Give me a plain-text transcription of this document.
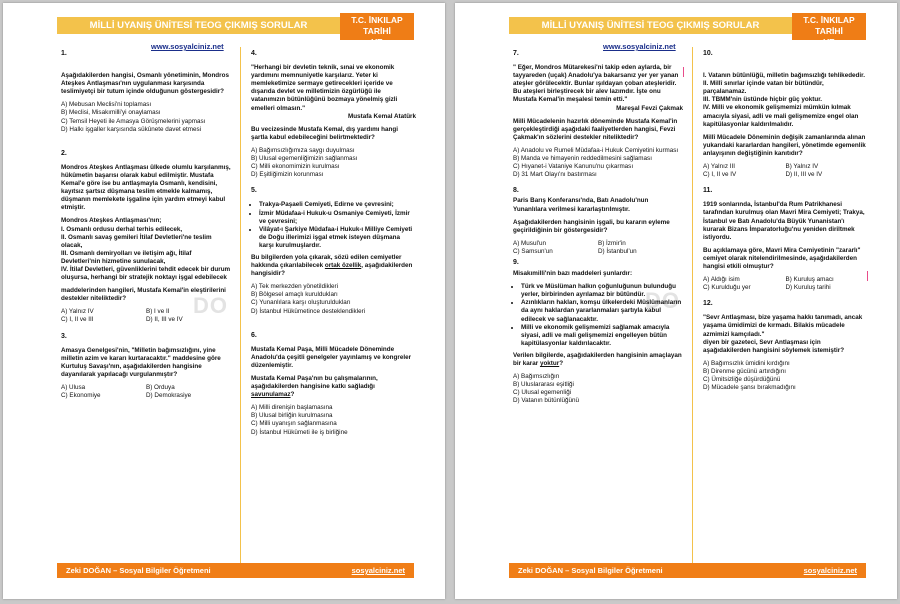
MİLLİ UYANIŞ ÜNİTESİ TEOG ÇIKMIŞ SORULAR	T.C. İNKILAP TARİHİ
VE ATATÜRKÇÜLÜK
www.sosyalciniz.net
DO
1.
Aşağıdakilerden hangisi, Osmanlı yönetiminin, Mondros Ateşkes Antlaşması'nın uygulanması karşısında teslimiyetçi bir tutum içinde olduğunun göstergesidir?
A) Mebusan Meclisi'ni toplaması
B) Meclisi, Misakımilli'yi onaylaması
C) Temsil Heyeti ile Amasya Görüşmelerini yapması
D) Halkı işgaller karşısında sükûnete davet etmesi
2.
Mondros Ateşkes Antlaşması ülkede olumlu karşılanmış, hükûmetin başarısı olarak kabul edilmiştir. Mustafa Kemal'e göre ise bu antlaşmayla Osmanlı, kendisini, kayıtsız şartsız düşmana teslim etmekle kalmamış, düşmanın memlekete işgaline için yardım etmeyi kabul etmiştir.
Mondros Ateşkes Antlaşması'nın;
I. Osmanlı ordusu derhal terhis edilecek,
II. Osmanlı savaş gemileri İtilaf Devletleri'ne teslim olacak,
III. Osmanlı demiryolları ve iletişim ağı, İtilaf Devletleri'nin hizmetine sunulacak,
IV. İtilaf Devletleri, güvenliklerini tehdit edecek bir durum oluşursa, herhangi bir stratejik noktayı işgal edebilecek
maddelerinden hangileri, Mustafa Kemal'in eleştirilerini destekler niteliktedir?
A) Yalnız IV	B) I ve II
C) I, II ve III	D) II, III ve IV
3.
Amasya Genelgesi'nin, "Milletin bağımsızlığını, yine milletin azim ve kararı kurtaracaktır." maddesine göre Kurtuluş Savaşı'nın, aşağıdakilerden hangisine dayanılarak yapılacağı vurgulanmıştır?
A) Ulusa	B) Orduya
C) Ekonomiye	D) Demokrasiye
4.
"Herhangi bir devletin teknik, sınai ve ekonomik yardımını memnuniyetle karşılarız. Yeter ki memleketimize sermaye getirecekleri içeride ve dışarıda devlet ve milletimizin özgürlüğü ile vatanımızın bütünlüğünü bozmaya yönelmiş gizli emelleri olmasın."
Mustafa Kemal Atatürk
Bu vecizesinde Mustafa Kemal, dış yardımı hangi şartla kabul edebileceğini belirtmektedir?
A) Bağımsızlığımıza saygı duyulması
B) Ulusal egemenliğimizin sağlanması
C) Milli ekonomimizin kurulması
D) Eşitliğimizin korunması
5.
• Trakya-Paşaeli Cemiyeti, Edirne ve çevresini;
• İzmir Müdafaa-i Hukuk-u Osmaniye Cemiyeti, İzmir ve çevresini;
• Vilâyat-ı Şarkiye Müdafaa-i Hukuk-ı Milliye Cemiyeti de Doğu illerimizi işgal etmek isteyen düşmana karşı kurulmuşlardır.
Bu bilgilerden yola çıkarak, sözü edilen cemiyetler hakkında çıkarılabilecek ortak özellik, aşağıdakilerden hangisidir?
A) Tek merkezden yönetildikleri
B) Bölgesel amaçlı kuruldukları
C) Yunanlılara karşı oluşturuldukları
D) İstanbul Hükümetince desteklendikleri
6.
Mustafa Kemal Paşa, Milli Mücadele Döneminde Anadolu'da çeşitli genelgeler yayınlamış ve kongreler düzenlemiştir.
Mustafa Kemal Paşa'nın bu çalışmalarının, aşağıdakilerden hangisine katkı sağladığı savunulamaz?
A) Milli direnişin başlamasına
B) Ulusal birliğin kurulmasına
C) Milli uyanışın sağlanmasına
D) İstanbul Hükümeti ile iş birliğine
Zeki DOĞAN – Sosyal Bilgiler Öğretmeni	sosyalciniz.net
MİLLİ UYANIŞ ÜNİTESİ TEOG ÇIKMIŞ SORULAR	T.C. İNKILAP TARİHİ
VE ATATÜRKÇÜLÜK
www.sosyalciniz.net
DO
7.
" Eğer, Mondros Mütarekesi'ni takip eden aylarda, bir tayyareden (uçak) Anadolu'ya bakarsanız yer yer yanan ateşler görülecektir. Bunlar ışıldayan çoban ateşleridir. Bu ateşleri birleştirecek bir alev lazımdır. İşte onu Mustafa Kemal'in meşalesi temin etti."
Mareşal Fevzi Çakmak
Milli Mücadelenin hazırlık döneminde Mustafa Kemal'in gerçekleştirdiği aşağıdaki faaliyetlerden hangisi, Fevzi Çakmak'ın sözlerini destekler niteliktedir?
A) Anadolu ve Rumeli Müdafaa-i Hukuk Cemiyetini kurması
B) Manda ve himayenin reddedilmesini sağlaması
C) Hıyanet-i Vataniye Kanunu'nu çıkarması
D) 31 Mart Olayı'nı bastırması
8.
Paris Barış Konferansı'nda, Batı Anadolu'nun Yunanlılara verilmesi kararlaştırılmıştır.
Aşağıdakilerden hangisinin işgali, bu kararın eyleme geçirildiğinin bir göstergesidir?
A) Musul'un	B) İzmir'in
C) Samsun'un	D) İstanbul'un
9.
Misakımilli'nin bazı maddeleri şunlardır:
• Türk ve Müslüman halkın çoğunluğunun bulunduğu yerler, birbirinden ayrılamaz bir bütündür.
• Azınlıkların hakları, komşu ülkelerdeki Müslümanların da aynı haklardan yararlanmaları şartıyla kabul edilecek ve sağlanacaktır.
• Milli ve ekonomik gelişmemizi sağlamak amacıyla siyasi, adli ve mali gelişmemizi engelleyen bütün kapitülasyonlar kaldırılacaktır.
Verilen bilgilerde, aşağıdakilerden hangisinin amaçlayan bir karar yoktur?
A) Bağımsızlığın
B) Uluslararası eşitliği
C) Ulusal egemenliği
D) Vatanın bütünlüğünü
10.
I. Vatanın bütünlüğü, milletin bağımsızlığı tehlikededir.
II. Millî sınırlar içinde vatan bir bütündür, parçalanamaz.
III. TBMM'nin üstünde hiçbir güç yoktur.
IV. Milli ve ekonomik gelişmemizi mümkün kılmak amacıyla siyasi, adli ve mali gelişmemize engel olan kapitülasyonlar kaldırılmalıdır.
Millî Mücadele Döneminin değişik zamanlarında alınan yukarıdaki kararlardan hangileri, yönetimde egemenlik anlayışının değiştiğinin kanıtıdır?
A) Yalnız III	B) Yalnız IV
C) I, II ve IV	D) II, III ve IV
11.
1919 sonlarında, İstanbul'da Rum Patrikhanesi tarafından kurulmuş olan Mavri Mira Cemiyeti; Trakya, İstanbul ve Batı Anadolu'da Büyük Yunanistan'ı kurarak Bizans İmparatorluğu'nu yeniden diriltmek istiyordu.
Bu açıklamaya göre, Mavri Mira Cemiyetinin "zararlı" cemiyet olarak nitelendirilmesinde, aşağıdakilerden hangisi etkili olmuştur?
A) Aldığı isim	B) Kuruluş amacı
C) Kurulduğu yer	D) Kuruluş tarihi
12.
"Sevr Antlaşması, bize yaşama hakkı tanımadı, ancak yaşama ümidimizi de kırmadı. Bilakis mücadele azmimizi kamçıladı."
diyen bir gazeteci, Sevr Antlaşması için aşağıdakilerden hangisini söylemek istemiştir?
A) Bağımsızlık ümidini kırdığını
B) Direnme gücünü artırdığını
C) Ümitsizliğe düşürdüğünü
D) Mücadele şansı bırakmadığını
Zeki DOĞAN – Sosyal Bilgiler Öğretmeni	sosyalciniz.net
